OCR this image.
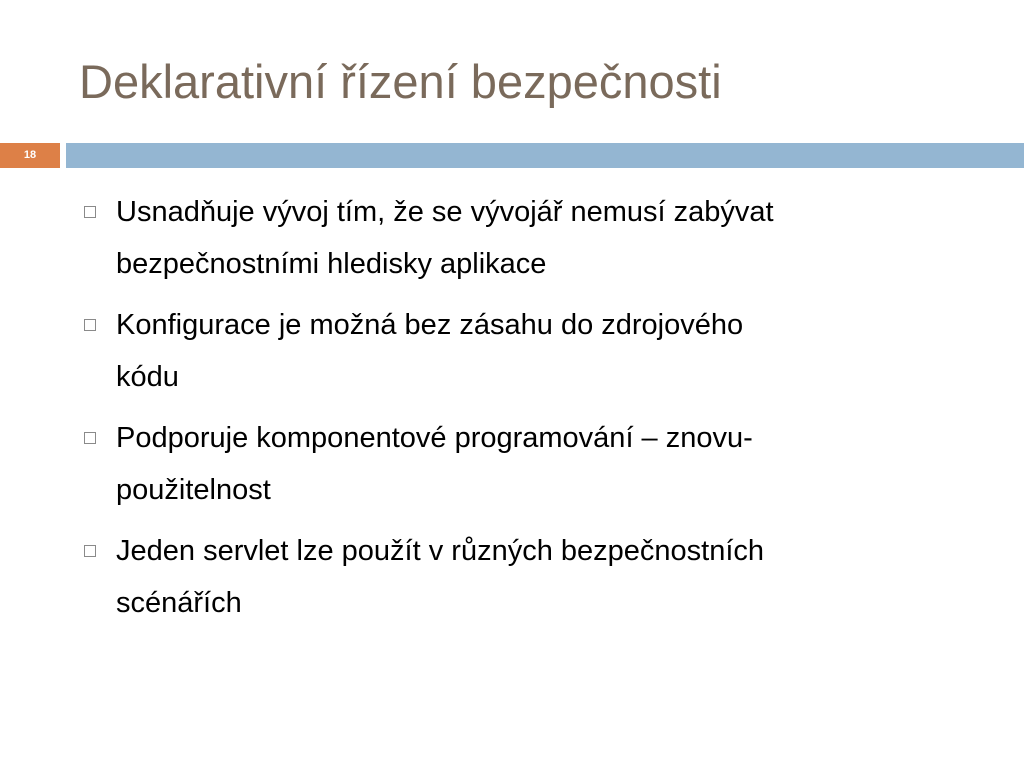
Deklarativní řízení bezpečnosti
18
Usnadňuje vývoj tím, že se vývojář nemusí zabývat
bezpečnostními hledisky aplikace
Konfigurace je možná bez zásahu do zdrojového
kódu
Podporuje komponentové programování – znovu-
použitelnost
Jeden servlet lze použít v různých bezpečnostních
scénářích
